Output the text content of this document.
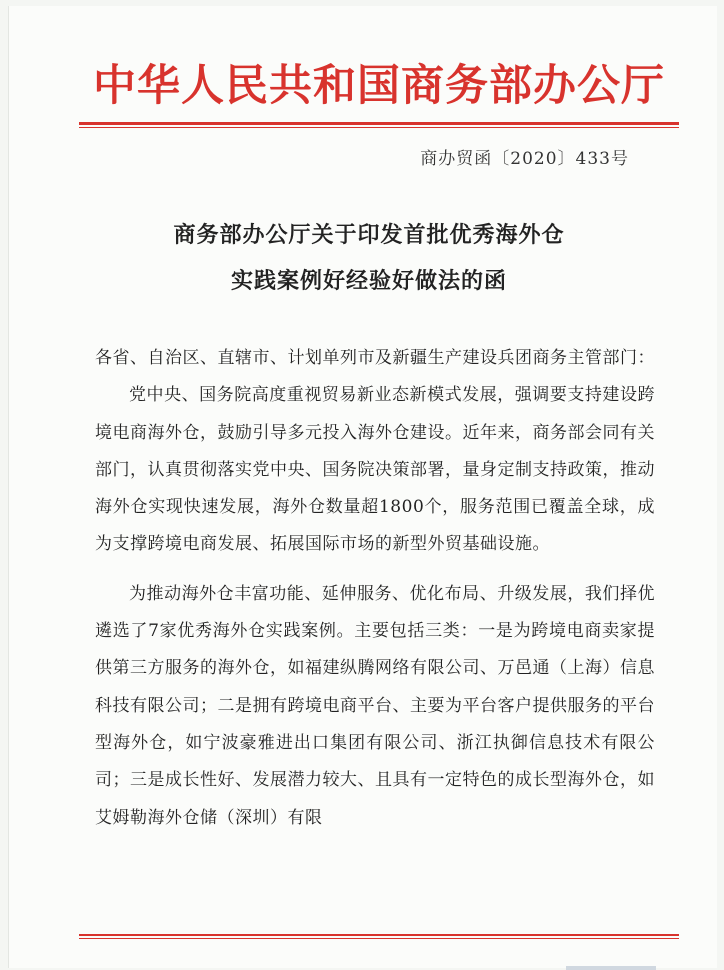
中华人民共和国商务部办公厅
商办贸函〔2020〕433号
商务部办公厅关于印发首批优秀海外仓
实践案例好经验好做法的函

各省、自治区、直辖市、计划单列市及新疆生产建设兵团商务主管部门：

党中央、国务院高度重视贸易新业态新模式发展，强调要支持建设跨境电商海外仓，鼓励引导多元投入海外仓建设。近年来，商务部会同有关部门，认真贯彻落实党中央、国务院决策部署，量身定制支持政策，推动海外仓实现快速发展，海外仓数量超1800个，服务范围已覆盖全球，成为支撑跨境电商发展、拓展国际市场的新型外贸基础设施。

为推动海外仓丰富功能、延伸服务、优化布局、升级发展，我们择优遴选了7家优秀海外仓实践案例。主要包括三类：一是为跨境电商卖家提供第三方服务的海外仓，如福建纵腾网络有限公司、万邑通（上海）信息科技有限公司；二是拥有跨境电商平台、主要为平台客户提供服务的平台型海外仓，如宁波豪雅进出口集团有限公司、浙江执御信息技术有限公司；三是成长性好、发展潜力较大、且具有一定特色的成长型海外仓，如艾姆勒海外仓储（深圳）有限
